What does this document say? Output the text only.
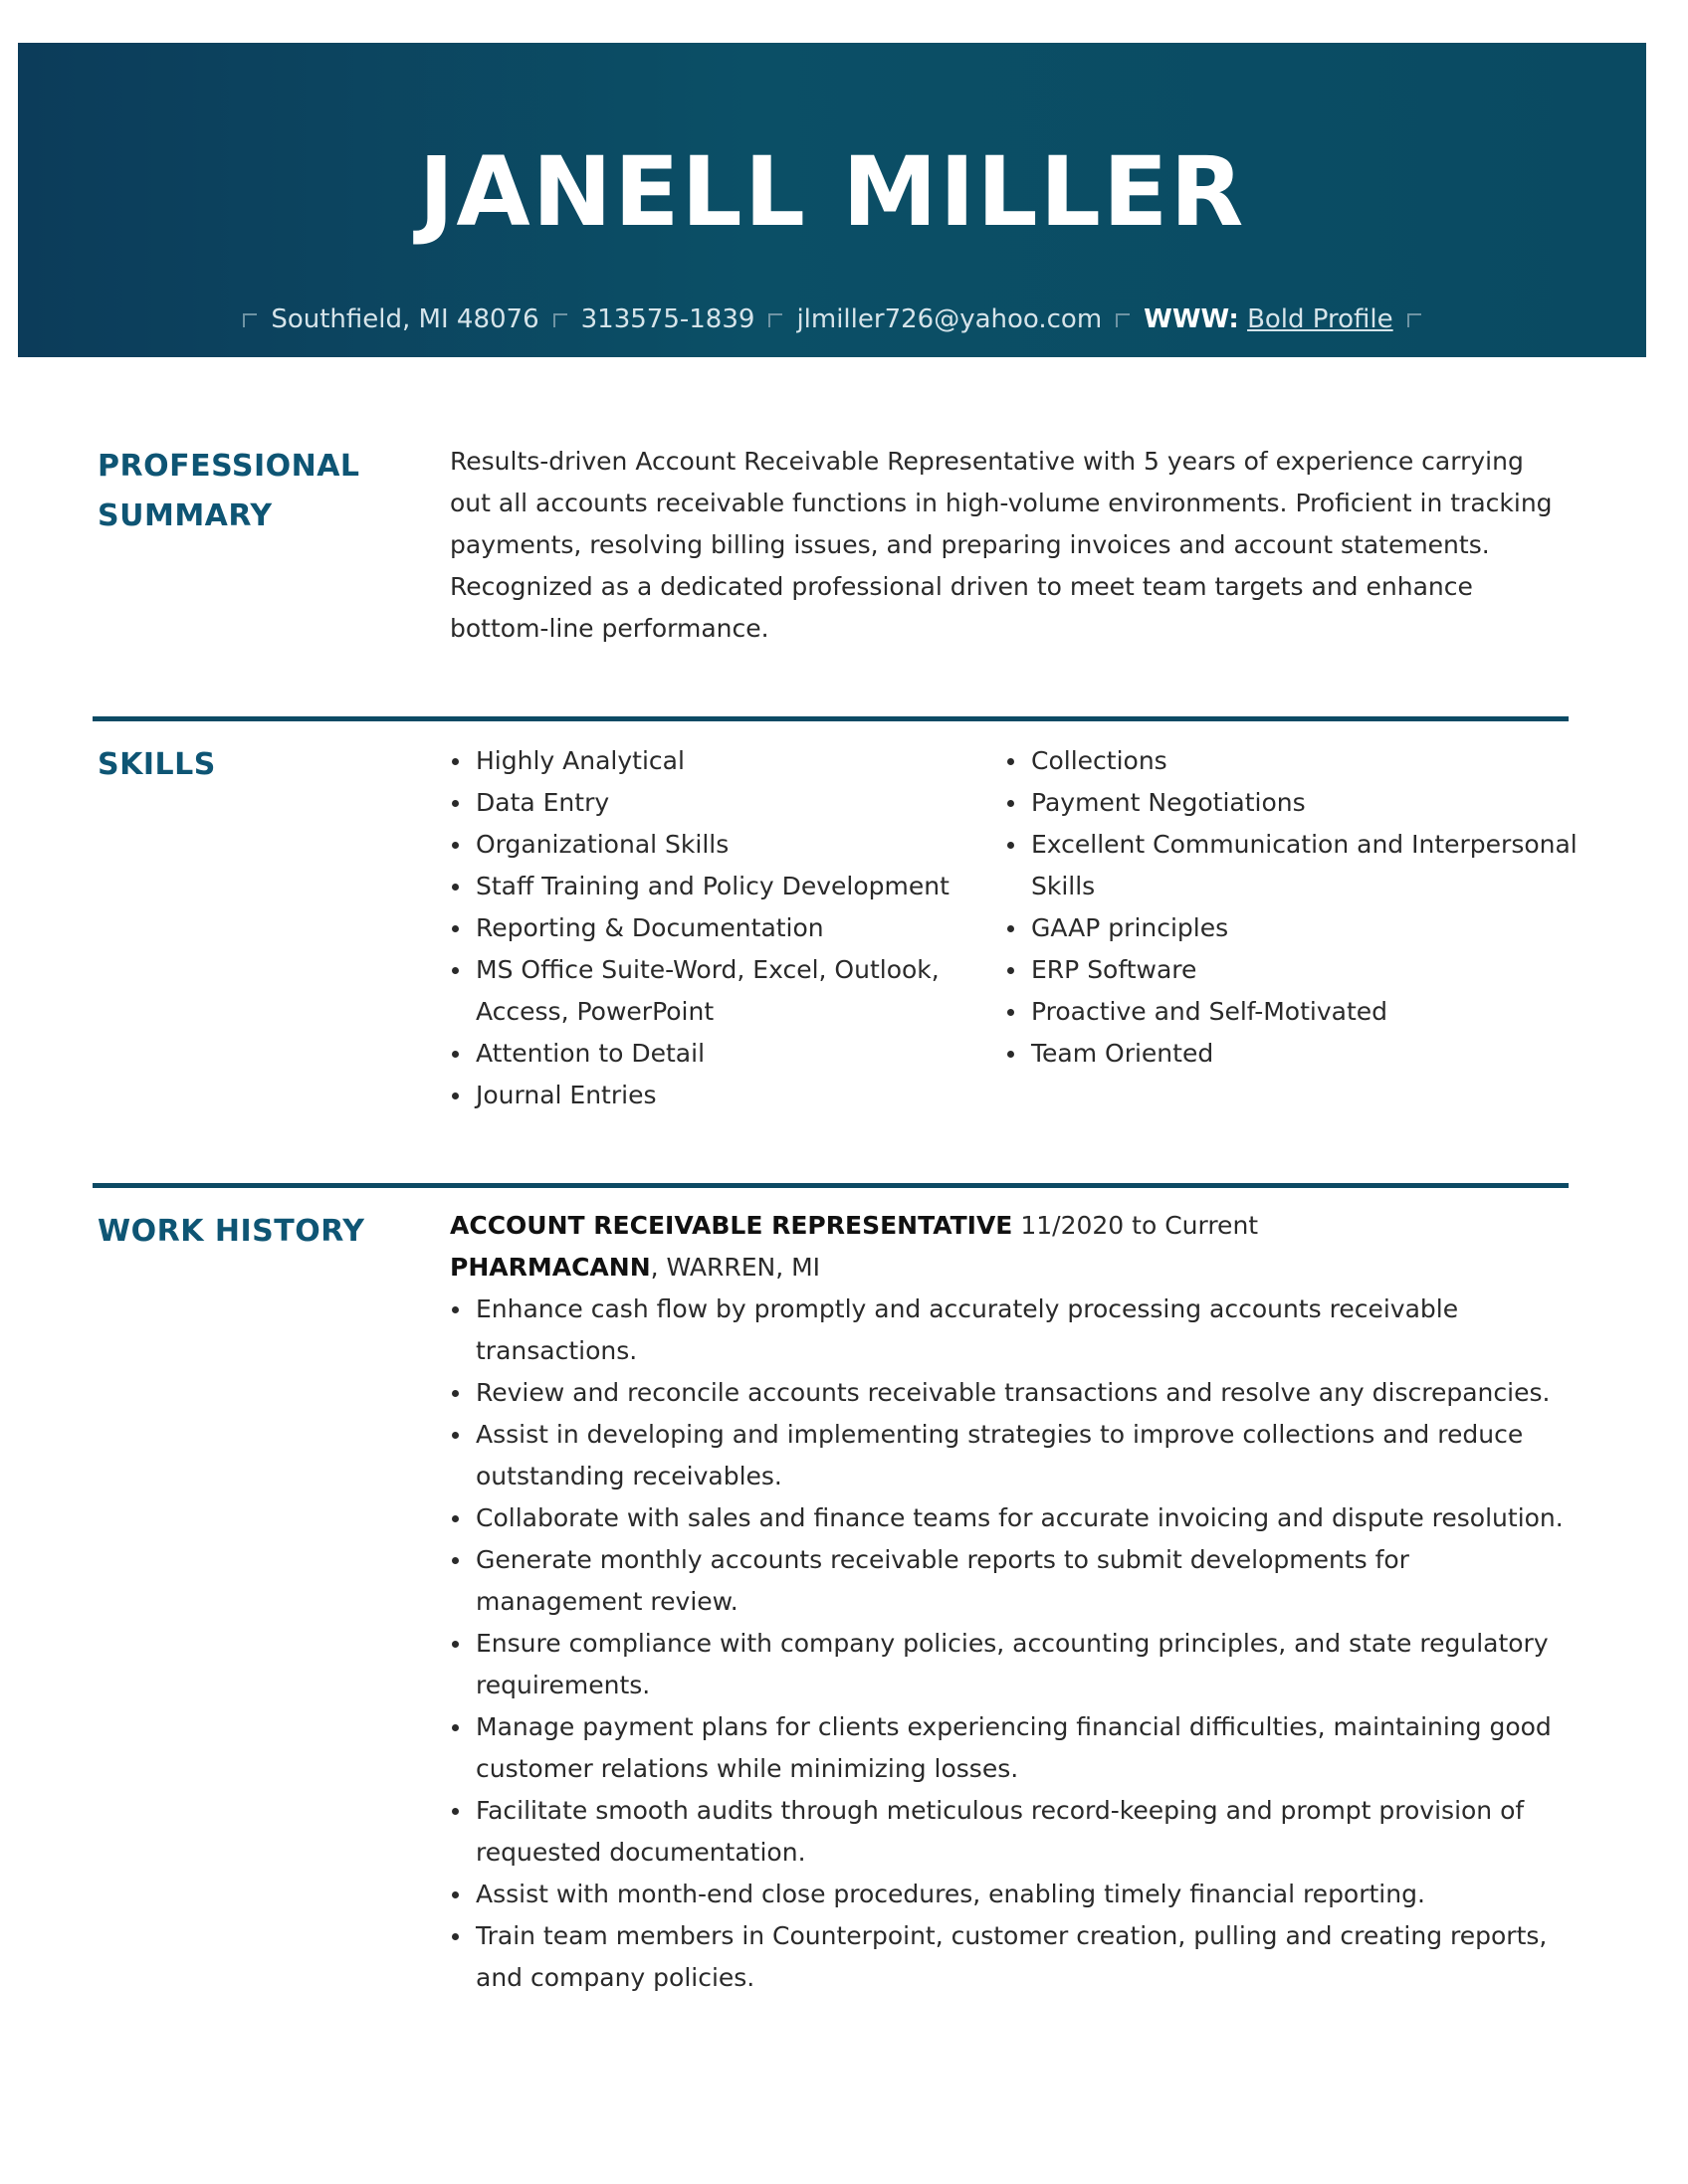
JANELL MILLER
Southfield, MI 48076 313575-1839 jlmiller726@yahoo.com WWW: Bold Profile
PROFESSIONAL
SUMMARY
Results-driven Account Receivable Representative with 5 years of experience carrying out all accounts receivable functions in high-volume environments. Proficient in tracking payments, resolving billing issues, and preparing invoices and account statements. Recognized as a dedicated professional driven to meet team targets and enhance bottom-line performance.
SKILLS	Highly Analytical
Data Entry
Organizational Skills
Staff Training and Policy Development
Reporting & Documentation
MS Office Suite-Word, Excel, Outlook, Access, PowerPoint
Attention to Detail
Journal Entries
Collections
Payment Negotiations
Excellent Communication and Interpersonal Skills
GAAP principles
ERP Software
Proactive and Self-Motivated
Team Oriented
WORK HISTORY	ACCOUNT RECEIVABLE REPRESENTATIVE 11/2020 to Current
PHARMACANN, WARREN, MI
Enhance cash flow by promptly and accurately processing accounts receivable transactions.
Review and reconcile accounts receivable transactions and resolve any discrepancies.
Assist in developing and implementing strategies to improve collections and reduce outstanding receivables.
Collaborate with sales and finance teams for accurate invoicing and dispute resolution.
Generate monthly accounts receivable reports to submit developments for management review.
Ensure compliance with company policies, accounting principles, and state regulatory requirements.
Manage payment plans for clients experiencing financial difficulties, maintaining good customer relations while minimizing losses.
Facilitate smooth audits through meticulous record-keeping and prompt provision of requested documentation.
Assist with month-end close procedures, enabling timely financial reporting.
Train team members in Counterpoint, customer creation, pulling and creating reports, and company policies.
